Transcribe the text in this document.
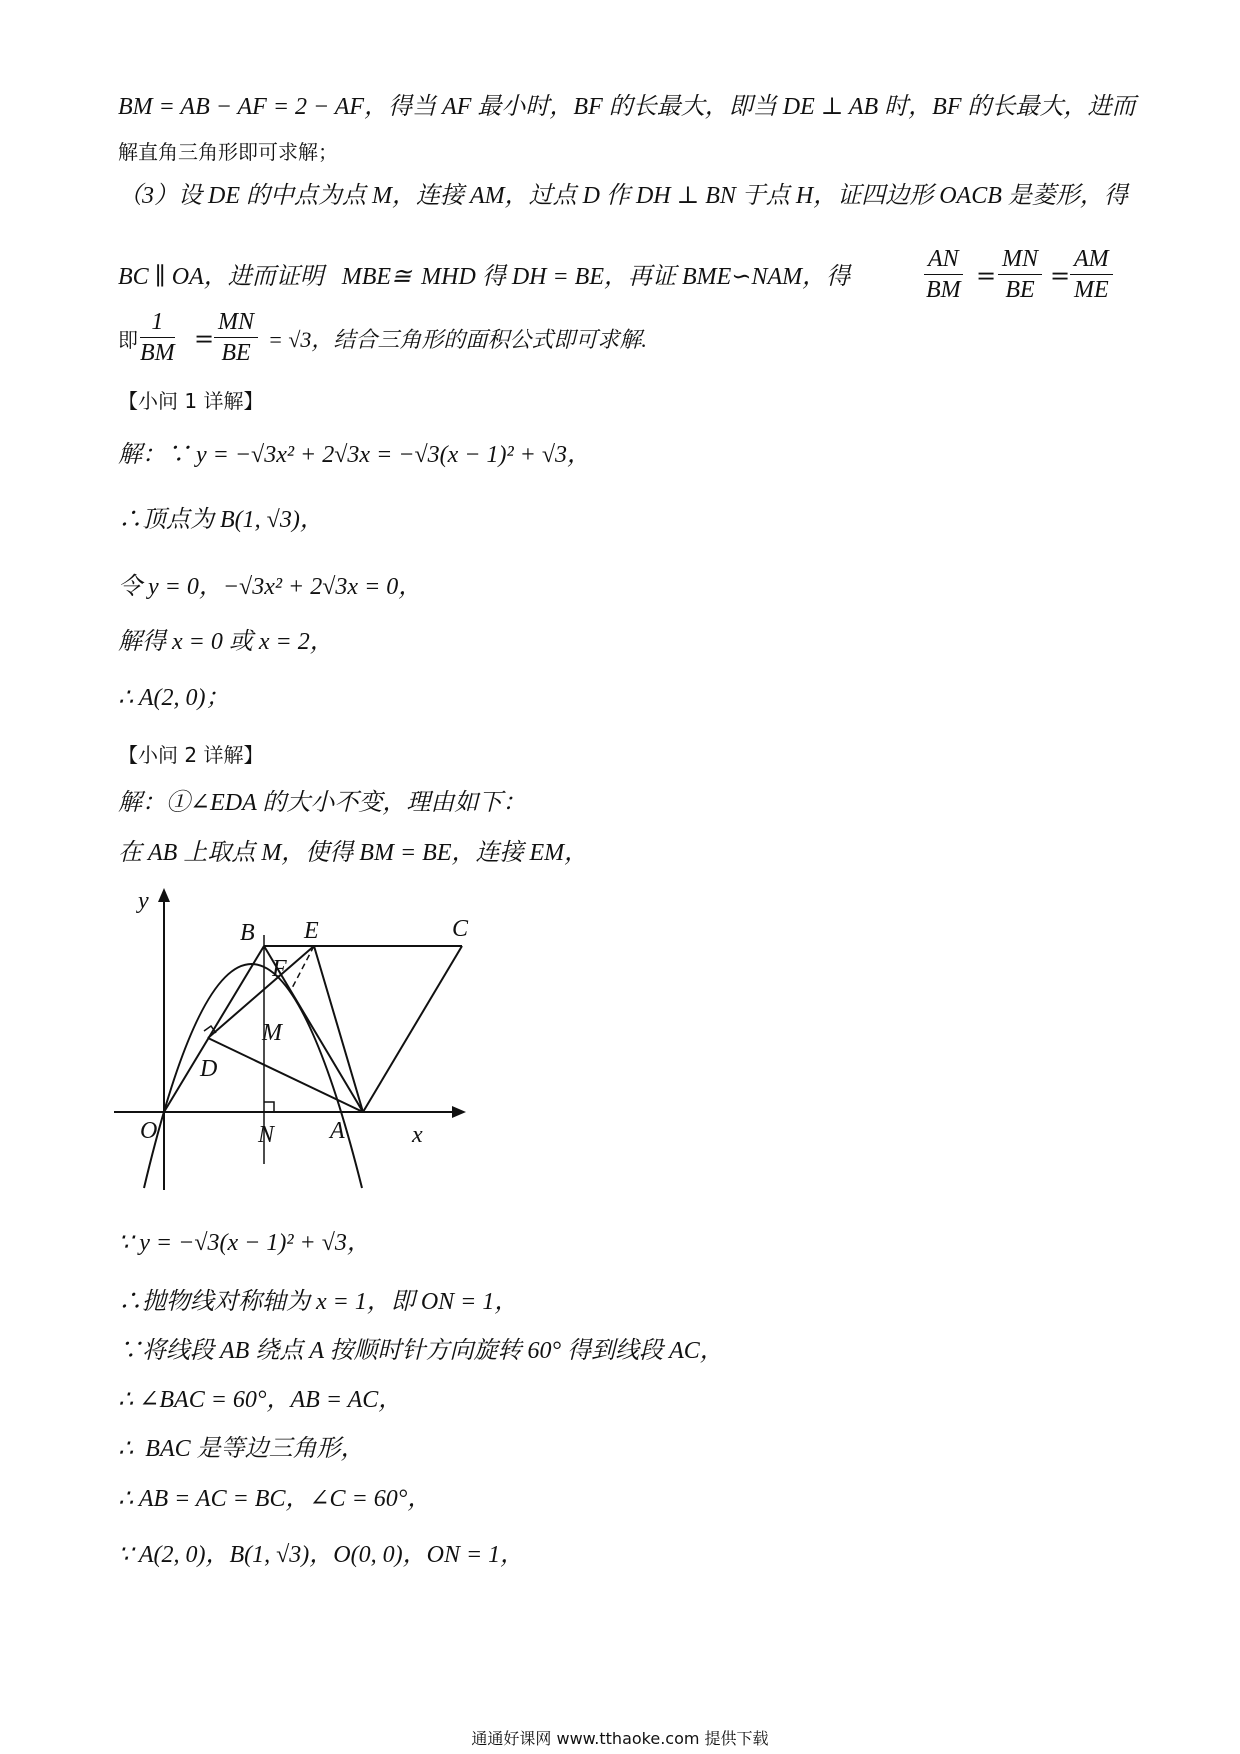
BM = AB − AF = 2 − AF，得当 AF 最小时，BF 的长最大，即当 DE ⊥ AB 时，BF 的长最大，进而
解直角三角形即可求解；
（3）设 DE 的中点为点 M，连接 AM，过点 D 作 DH ⊥ BN 于点 H，证四边形 OACB 是菱形，得
BC ∥ OA，进而证明 MBE≅ MHD 得 DH = BE，再证 BME∽NAM，得	$\frac{AN}{BM} \frac{MN}{BE} \frac{AM}{ME}$
= =
即 $\frac{1}{BM} = \frac{MN}{BE} = √3$，结合三角形的面积公式即可求解.
【小问 1 详解】
解：∵ y = −√3x² + 2√3x = −√3(x − 1)² + √3，
∴顶点为 B(1, √3)，
令 y = 0，−√3x² + 2√3x = 0，
解得 x = 0 或 x = 2，
∴ A(2, 0)；
【小问 2 详解】
解：①∠EDA 的大小不变，理由如下：
在 AB 上取点 M，使得 BM = BE，连接 EM，
y
x
O	N A
B E	C
F
M
D
∵ y = −√3(x − 1)² + √3，
∴抛物线对称轴为 x = 1，即 ON = 1，
∵将线段 AB 绕点 A 按顺时针方向旋转 60° 得到线段 AC，
∴ ∠BAC = 60°，AB = AC，
∴ BAC 是等边三角形，
∴ AB = AC = BC，∠C = 60°，
∵ A(2, 0)，B(1, √3)，O(0, 0)，ON = 1，
通通好课网 www.tthaoke.com 提供下载
